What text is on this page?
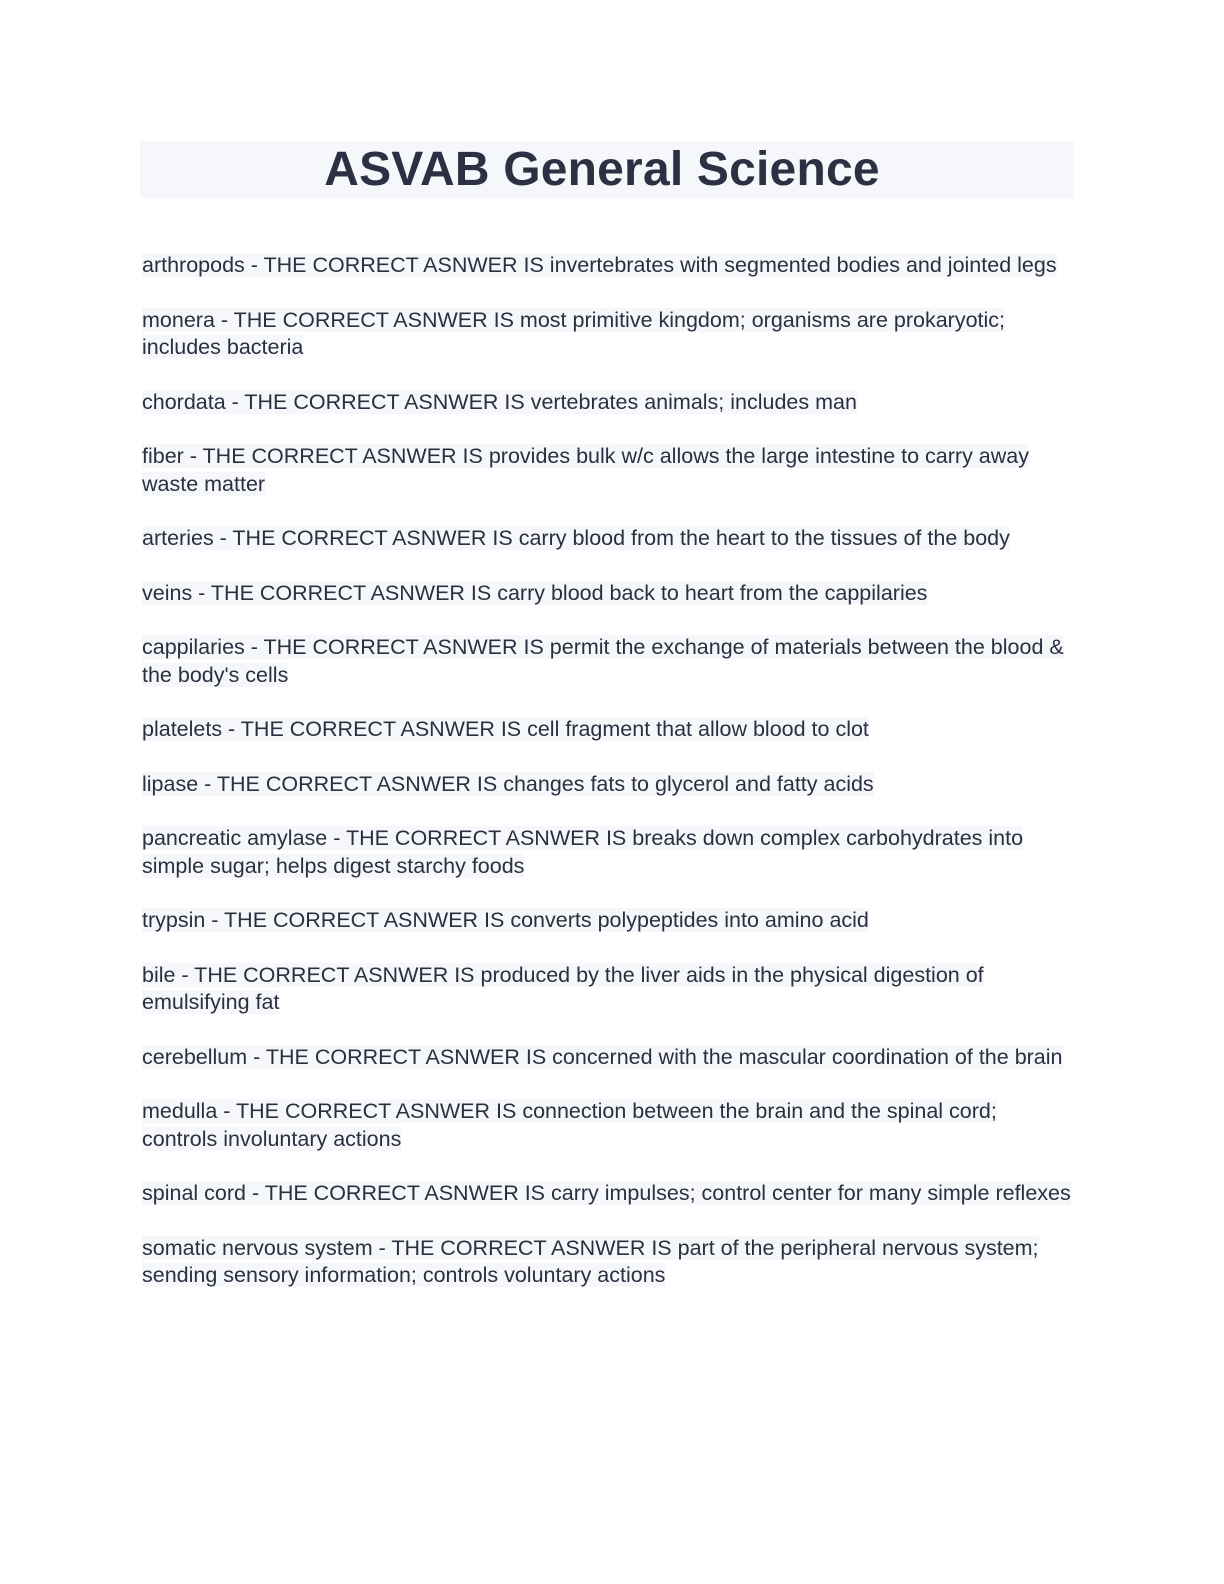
ASVAB General Science
arthropods - THE CORRECT ASNWER IS invertebrates with segmented bodies and jointed legs
monera - THE CORRECT ASNWER IS most primitive kingdom; organisms are prokaryotic; includes bacteria
chordata - THE CORRECT ASNWER IS vertebrates animals; includes man
fiber - THE CORRECT ASNWER IS provides bulk w/c allows the large intestine to carry away waste matter
arteries - THE CORRECT ASNWER IS carry blood from the heart to the tissues of the body
veins - THE CORRECT ASNWER IS carry blood back to heart from the cappilaries
cappilaries - THE CORRECT ASNWER IS permit the exchange of materials between the blood & the body's cells
platelets - THE CORRECT ASNWER IS cell fragment that allow blood to clot
lipase - THE CORRECT ASNWER IS changes fats to glycerol and fatty acids
pancreatic amylase - THE CORRECT ASNWER IS breaks down complex carbohydrates into simple sugar; helps digest starchy foods
trypsin - THE CORRECT ASNWER IS converts polypeptides into amino acid
bile - THE CORRECT ASNWER IS produced by the liver aids in the physical digestion of emulsifying fat
cerebellum - THE CORRECT ASNWER IS concerned with the mascular coordination of the brain
medulla - THE CORRECT ASNWER IS connection between the brain and the spinal cord; controls involuntary actions
spinal cord - THE CORRECT ASNWER IS carry impulses; control center for many simple reflexes
somatic nervous system - THE CORRECT ASNWER IS part of the peripheral nervous system; sending sensory information; controls voluntary actions
